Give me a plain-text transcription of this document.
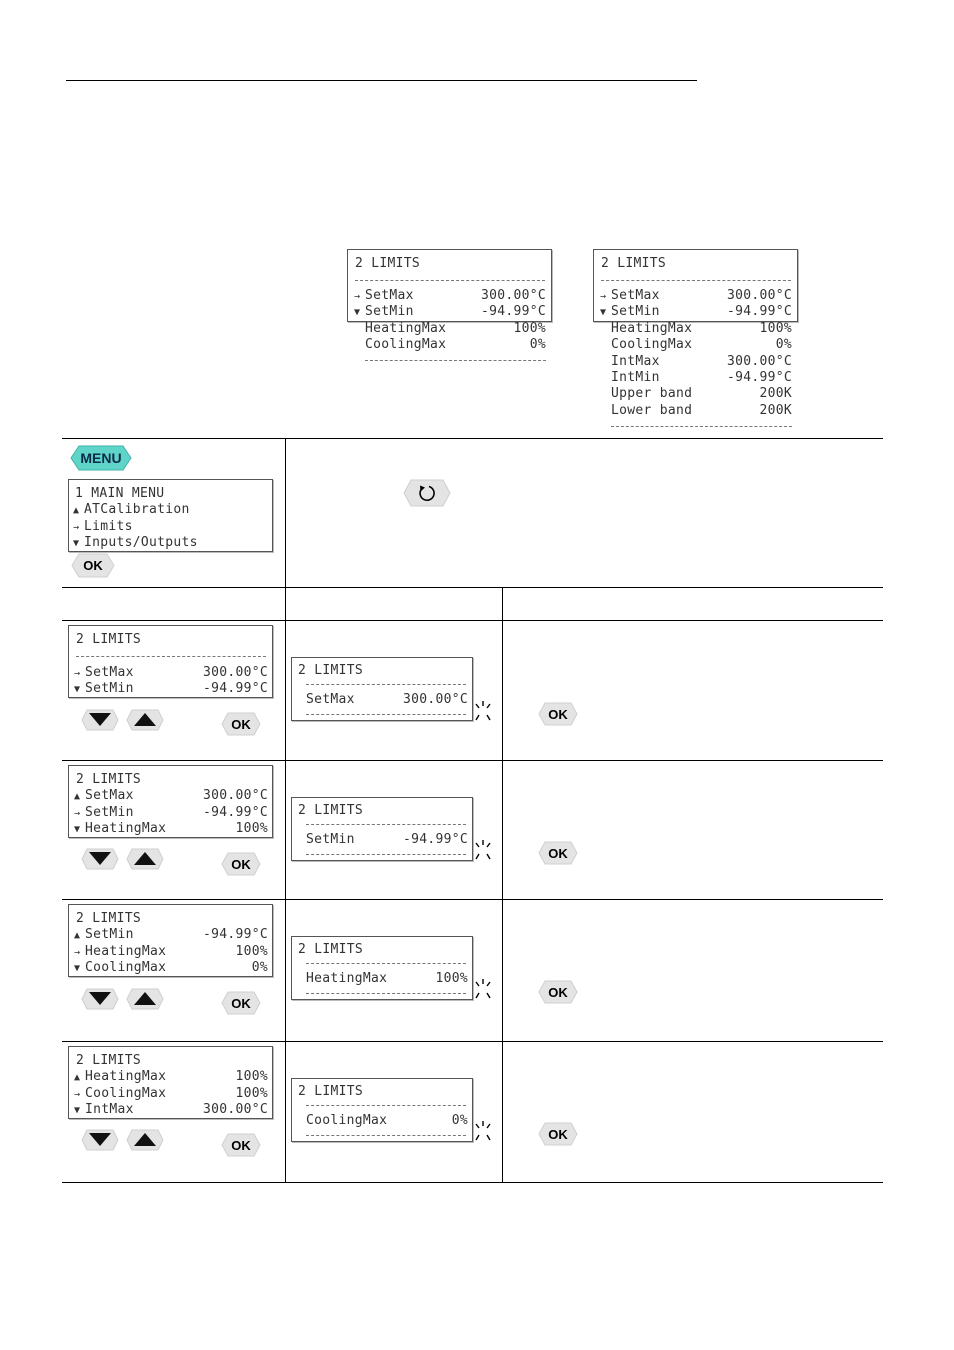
2 LIMITS
→ SetMax	300.00°C
▼ SetMin	-94.99°C
HeatingMax	100%
CoolingMax	0%
2 LIMITS
→ SetMax	300.00°C
▼ SetMin	-94.99°C
HeatingMax	100%
CoolingMax	0%
IntMax	300.00°C
IntMin	-94.99°C
Upper band	200K
Lower band	200K
MENU
1 MAIN MENU
▲ ATCalibration
→ Limits
▼ Inputs/Outputs
OK
2 LIMITS
→ SetMax	300.00°C
▼ SetMin	-94.99°C
OK
2 LIMITS
SetMax	300.00°C
OK
2 LIMITS
▲ SetMax	300.00°C
→ SetMin	-94.99°C
▼ HeatingMax	100%
OK
2 LIMITS
SetMin	-94.99°C
OK
2 LIMITS
▲ SetMin	-94.99°C
→ HeatingMax	100%
▼ CoolingMax	0%
OK
2 LIMITS
HeatingMax	100%
OK
2 LIMITS
▲ HeatingMax	100%
→ CoolingMax	100%
▼ IntMax	300.00°C
OK
2 LIMITS
CoolingMax	0%
OK
